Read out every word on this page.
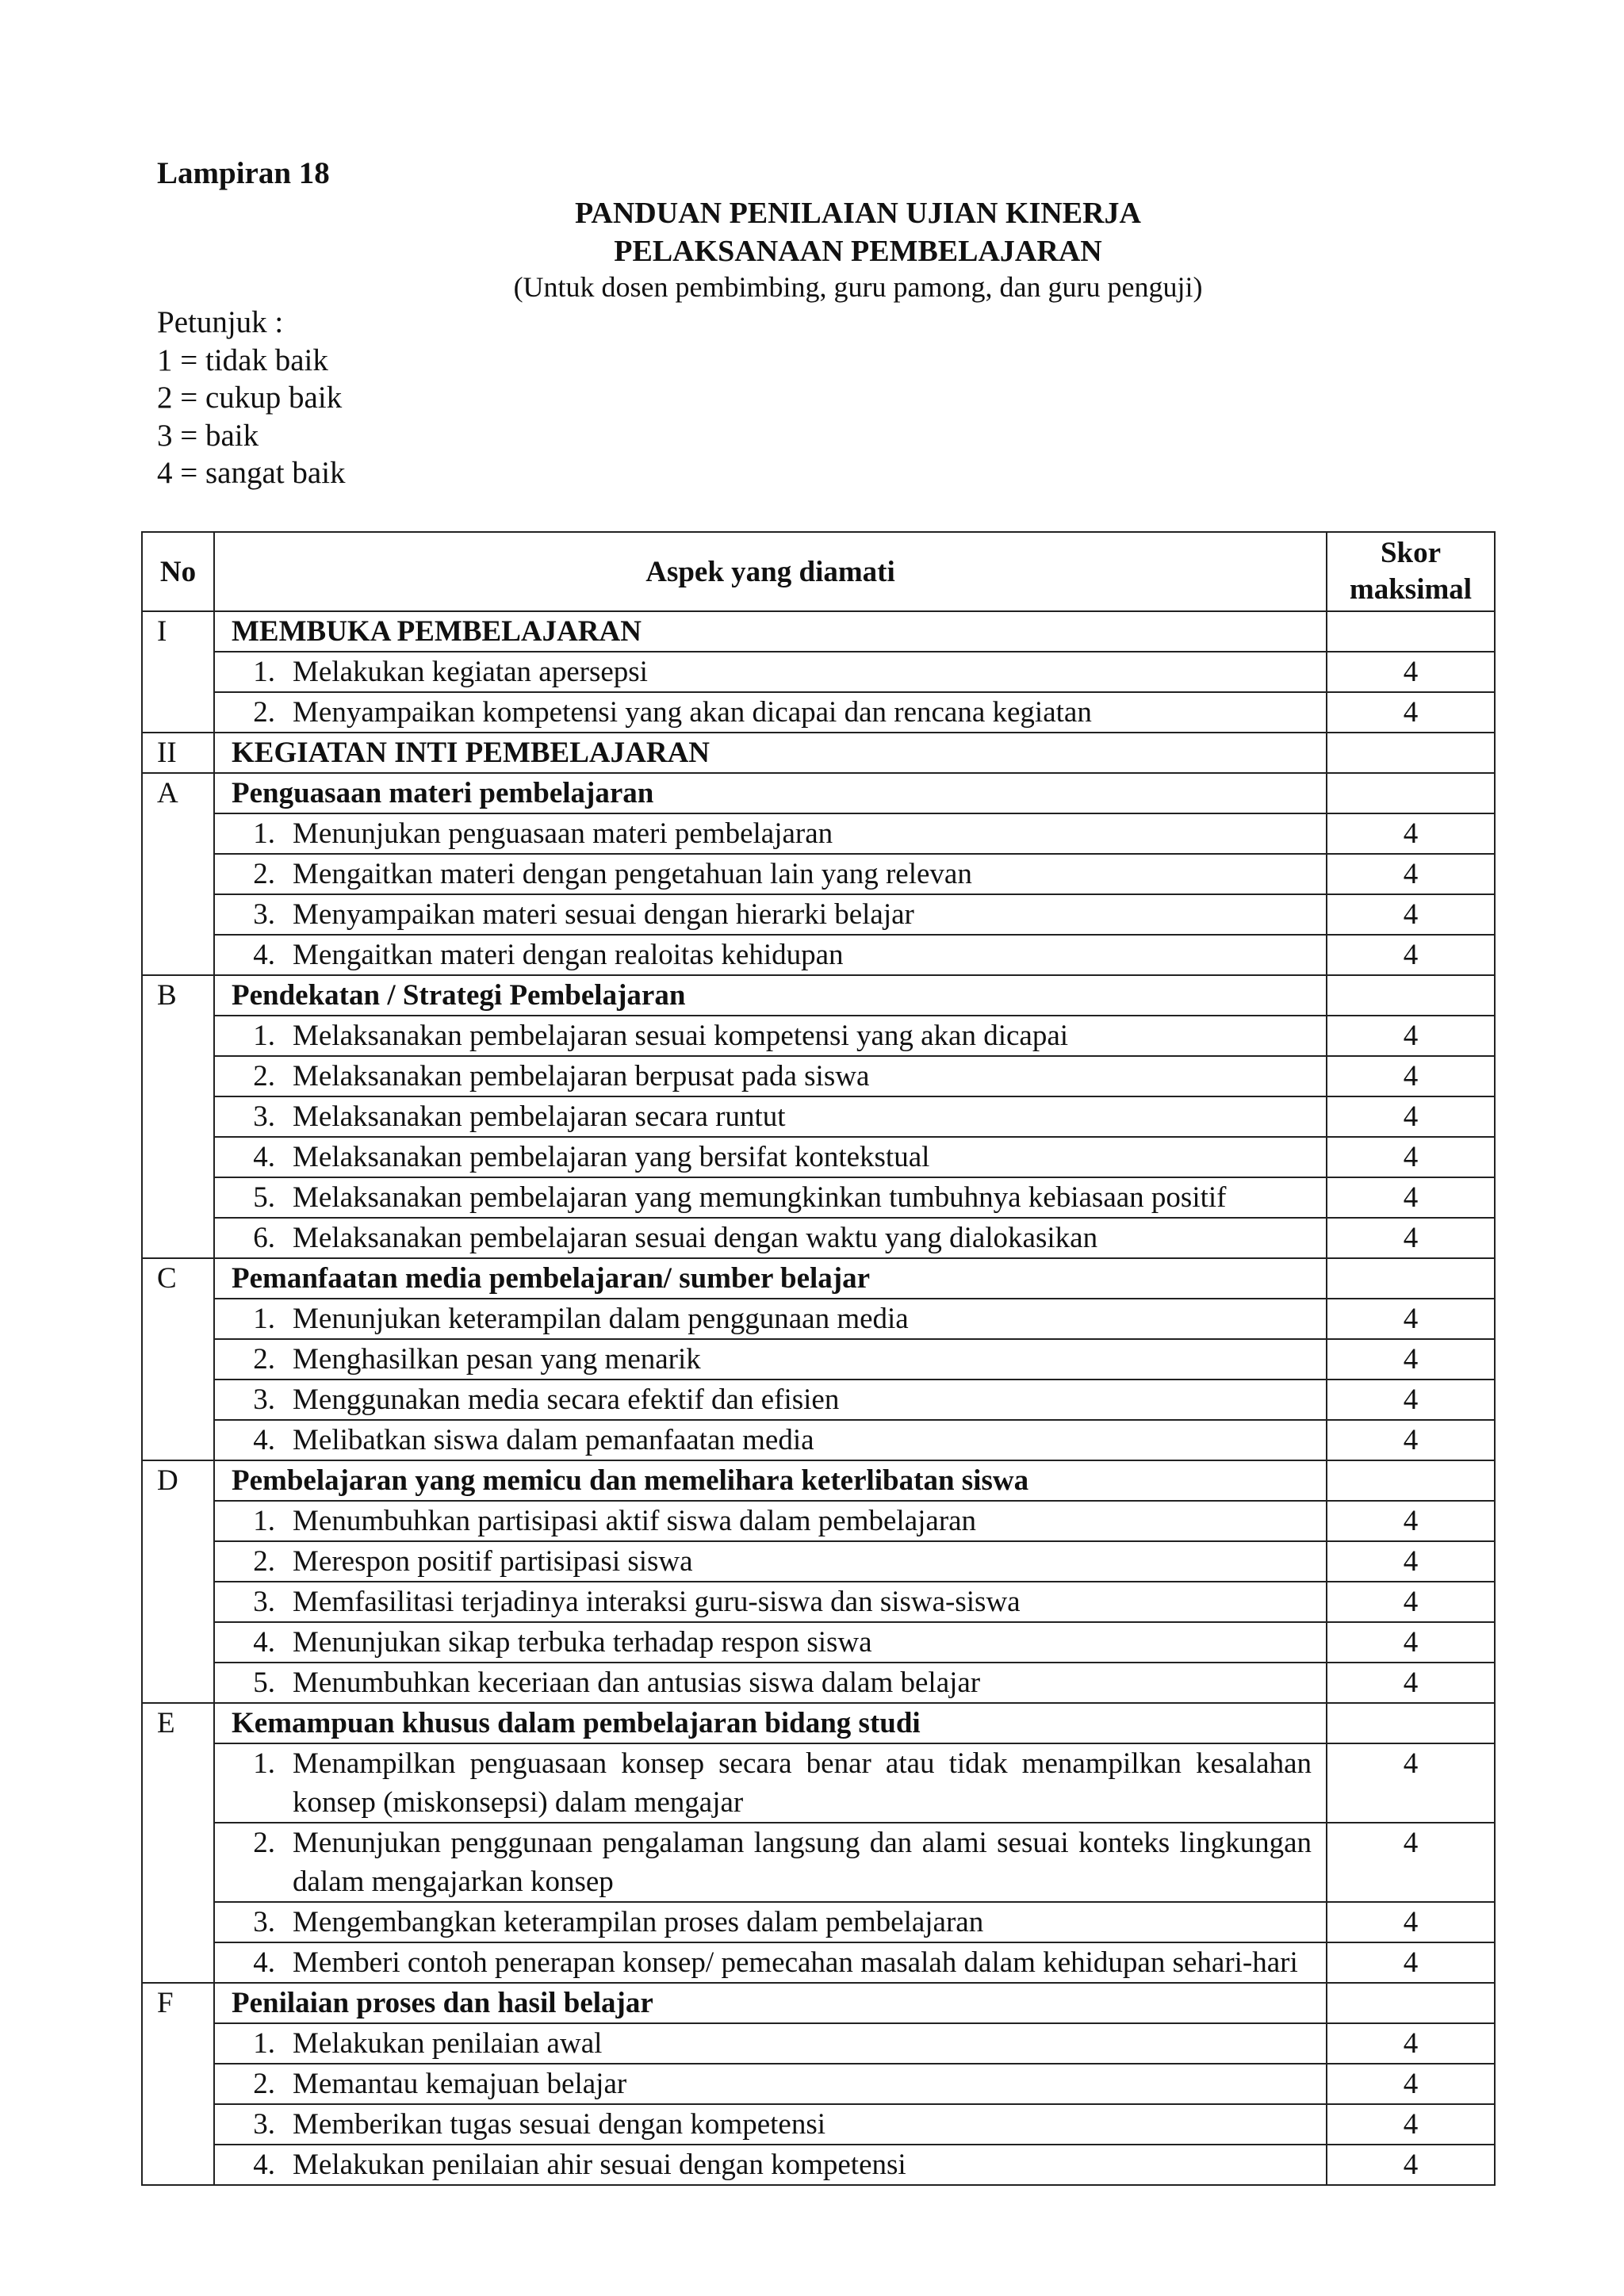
Lampiran 18
PANDUAN PENILAIAN UJIAN KINERJA
PELAKSANAAN PEMBELAJARAN
(Untuk dosen pembimbing, guru pamong, dan guru penguji)
Petunjuk :
1 = tidak baik
2 = cukup baik
3 = baik
4 = sangat baik
No	Aspek yang diamati	Skor
maksimal

I	MEMBUKA PEMBELAJARAN	

	1. Melakukan kegiatan apersepsi	4

	2. Menyampaikan kompetensi yang akan dicapai dan rencana kegiatan	4
II	KEGIATAN INTI PEMBELAJARAN	
A	Penguasaan materi pembelajaran	

	1. Menunjukan penguasaan materi pembelajaran	4

	2. Mengaitkan materi dengan pengetahuan lain yang relevan	4

	3. Menyampaikan materi sesuai dengan hierarki belajar	4

	4. Mengaitkan materi dengan realoitas kehidupan	4
B	Pendekatan / Strategi Pembelajaran	

	1. Melaksanakan pembelajaran sesuai kompetensi yang akan dicapai	4

	2. Melaksanakan pembelajaran berpusat pada siswa	4

	3. Melaksanakan pembelajaran secara runtut	4

	4. Melaksanakan pembelajaran yang bersifat kontekstual	4

	5. Melaksanakan pembelajaran yang memungkinkan tumbuhnya kebiasaan positif	4

	6. Melaksanakan pembelajaran sesuai dengan waktu yang dialokasikan	4
C	Pemanfaatan media pembelajaran/ sumber belajar	

	1. Menunjukan keterampilan dalam penggunaan media	4

	2. Menghasilkan pesan yang menarik	4

	3. Menggunakan media secara efektif dan efisien	4

	4. Melibatkan siswa dalam pemanfaatan media	4
D	Pembelajaran yang memicu dan memelihara keterlibatan siswa	

	1. Menumbuhkan partisipasi aktif siswa dalam pembelajaran	4

	2. Merespon positif partisipasi siswa	4

	3. Memfasilitasi terjadinya interaksi guru-siswa dan siswa-siswa	4

	4. Menunjukan sikap terbuka terhadap respon siswa	4

	5. Menumbuhkan keceriaan dan antusias siswa dalam belajar	4
E	Kemampuan khusus dalam pembelajaran bidang studi	

	1. Menampilkan penguasaan konsep secara benar atau tidak menampilkan kesalahan konsep (miskonsepsi) dalam mengajar	4

	2. Menunjukan penggunaan pengalaman langsung dan alami sesuai konteks lingkungan dalam mengajarkan konsep	4

	3. Mengembangkan keterampilan proses dalam pembelajaran	4

	4. Memberi contoh penerapan konsep/ pemecahan masalah dalam kehidupan sehari-hari	4
F	Penilaian proses dan hasil belajar	

	1. Melakukan penilaian awal	4

	2. Memantau kemajuan belajar	4

	3. Memberikan tugas sesuai dengan kompetensi	4

	4. Melakukan penilaian ahir sesuai dengan kompetensi	4
